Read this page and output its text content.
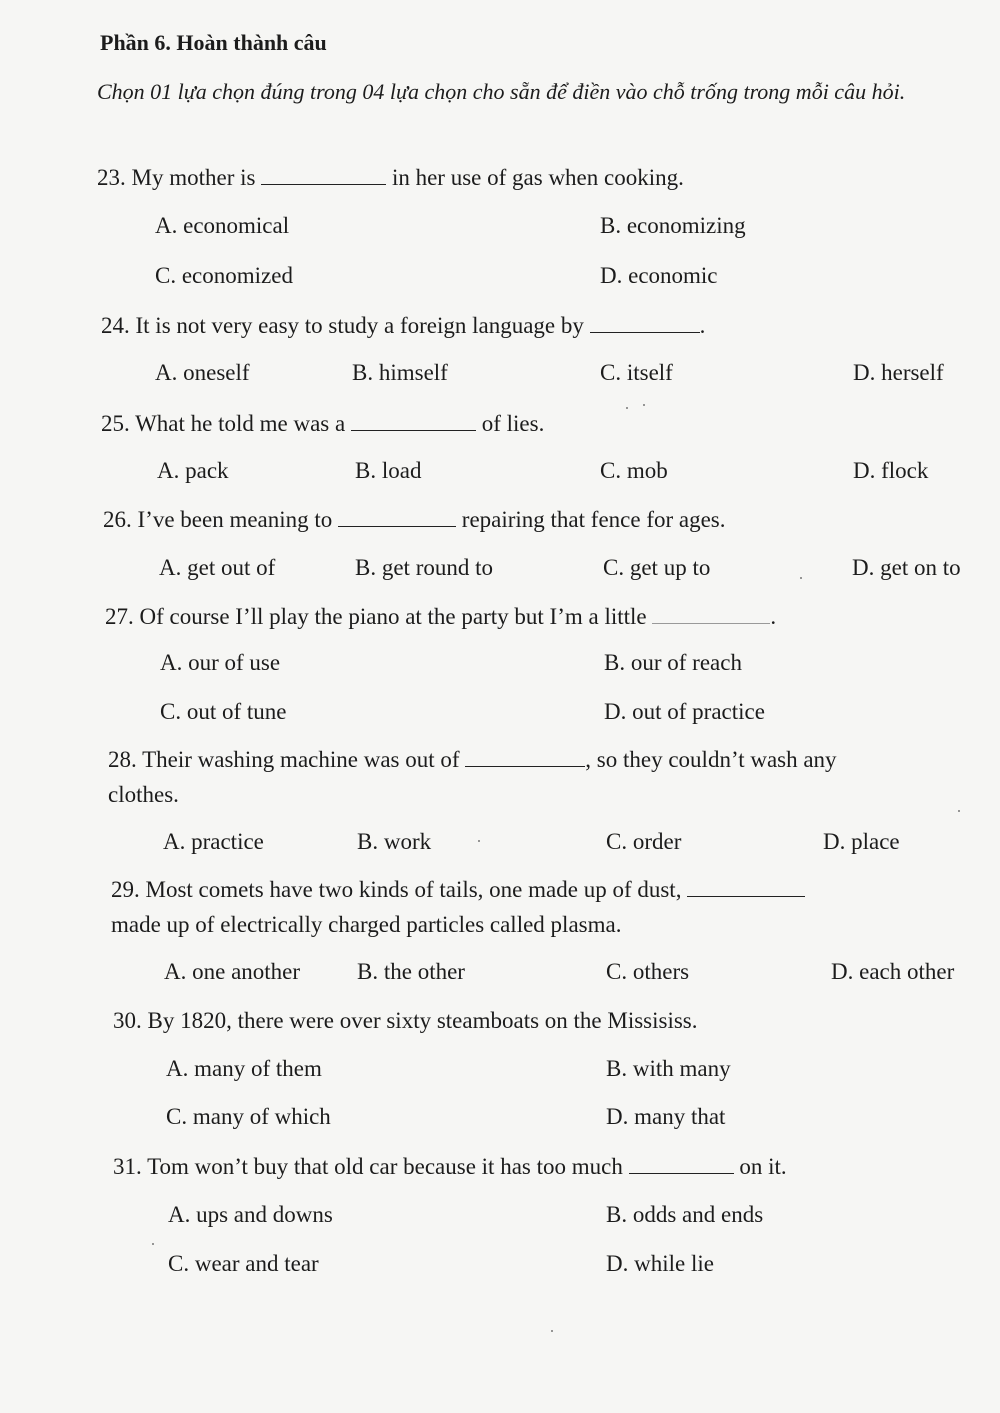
Phần 6. Hoàn thành câu
Chọn 01 lựa chọn đúng trong 04 lựa chọn cho sẵn để điền vào chỗ trống trong mỗi câu hỏi.
23. My mother is	in her use of gas when cooking.
A. economical	B. economizing
C. economized	D. economic
24. It is not very easy to study a foreign language by	.
A. oneself	B. himself	C. itself	D. herself
25. What he told me was a	of lies.
A. pack	B. load	C. mob	D. flock
26. I’ve been meaning to	repairing that fence for ages.
A. get out of	B. get round to	C. get up to	D. get on to
27. Of course I’ll play the piano at the party but I’m a little	.
A. our of use	B. our of reach
C. out of tune	D. out of practice
28. Their washing machine was out of	, so they couldn’t wash any
clothes.
A. practice	B. work	C. order	D. place
29. Most comets have two kinds of tails, one made up of dust,
made up of electrically charged particles called plasma.
A. one another B. the other	C. others	D. each other
30. By 1820, there were over sixty steamboats on the Missisiss.
A. many of them	B. with many
C. many of which	D. many that
31. Tom won’t buy that old car because it has too much	on it.
A. ups and downs	B. odds and ends
C. wear and tear	D. while lie
